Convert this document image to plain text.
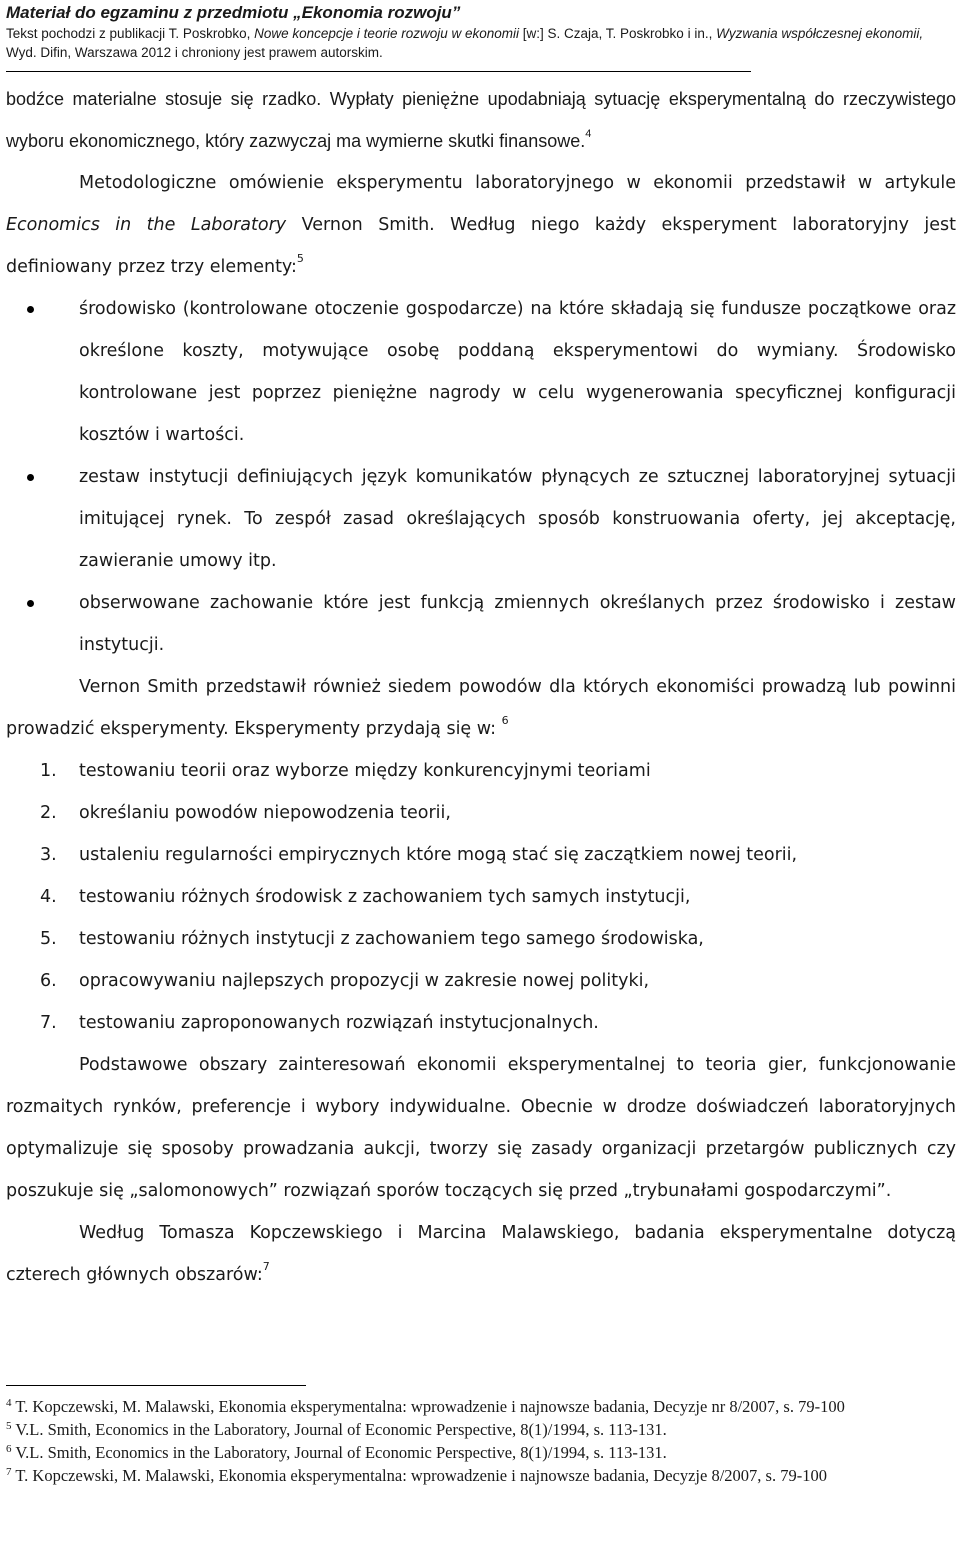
Materiał do egzaminu z przedmiotu „Ekonomia rozwoju”
Tekst pochodzi z publikacji T. Poskrobko, Nowe koncepcje i teorie rozwoju w ekonomii [w:] S. Czaja, T. Poskrobko i in., Wyzwania współczesnej ekonomii,
Wyd. Difin, Warszawa 2012 i chroniony jest prawem autorskim.

bodźce materialne stosuje się rzadko. Wypłaty pieniężne upodabniają sytuację eksperymentalną do rzeczywistego wyboru ekonomicznego, który zazwyczaj ma wymierne skutki finansowe.$^4$

Metodologiczne omówienie eksperymentu laboratoryjnego w ekonomii przedstawił w artykule Economics in the Laboratory Vernon Smith. Według niego każdy eksperyment laboratoryjny jest definiowany przez trzy elementy:$^5$

środowisko (kontrolowane otoczenie gospodarcze) na które składają się fundusze początkowe oraz określone koszty, motywujące osobę poddaną eksperymentowi do wymiany. Środowisko kontrolowane jest poprzez pieniężne nagrody w celu wygenerowania specyficznej konfiguracji kosztów i wartości.
zestaw instytucji definiujących język komunikatów płynących ze sztucznej laboratoryjnej sytuacji imitującej rynek. To zespół zasad określających sposób konstruowania oferty, jej akceptację, zawieranie umowy itp.
obserwowane zachowanie które jest funkcją zmiennych określanych przez środowisko i zestaw instytucji.

Vernon Smith przedstawił również siedem powodów dla których ekonomiści prowadzą lub powinni prowadzić eksperymenty. Eksperymenty przydają się w: $^6$

1. testowaniu teorii oraz wyborze między konkurencyjnymi teoriami
2. określaniu powodów niepowodzenia teorii,
3. ustaleniu regularności empirycznych które mogą stać się zaczątkiem nowej teorii,
4. testowaniu różnych środowisk z zachowaniem tych samych instytucji,
5. testowaniu różnych instytucji z zachowaniem tego samego środowiska,
6. opracowywaniu najlepszych propozycji w zakresie nowej polityki,
7. testowaniu zaproponowanych rozwiązań instytucjonalnych.

Podstawowe obszary zainteresowań ekonomii eksperymentalnej to teoria gier, funkcjonowanie rozmaitych rynków, preferencje i wybory indywidualne. Obecnie w drodze doświadczeń laboratoryjnych optymalizuje się sposoby prowadzania aukcji, tworzy się zasady organizacji przetargów publicznych czy poszukuje się „salomonowych” rozwiązań sporów toczących się przed „trybunałami gospodarczymi”.

Według Tomasza Kopczewskiego i Marcina Malawskiego, badania eksperymentalne dotyczą czterech głównych obszarów:$^7$

$^4$ T. Kopczewski, M. Malawski, Ekonomia eksperymentalna: wprowadzenie i najnowsze badania, Decyzje nr 8/2007, s. 79-100

$^5$ V.L. Smith, Economics in the Laboratory, Journal of Economic Perspective, 8(1)/1994, s. 113-131.

$^6$ V.L. Smith, Economics in the Laboratory, Journal of Economic Perspective, 8(1)/1994, s. 113-131.

$^7$ T. Kopczewski, M. Malawski, Ekonomia eksperymentalna: wprowadzenie i najnowsze badania, Decyzje 8/2007, s. 79-100
